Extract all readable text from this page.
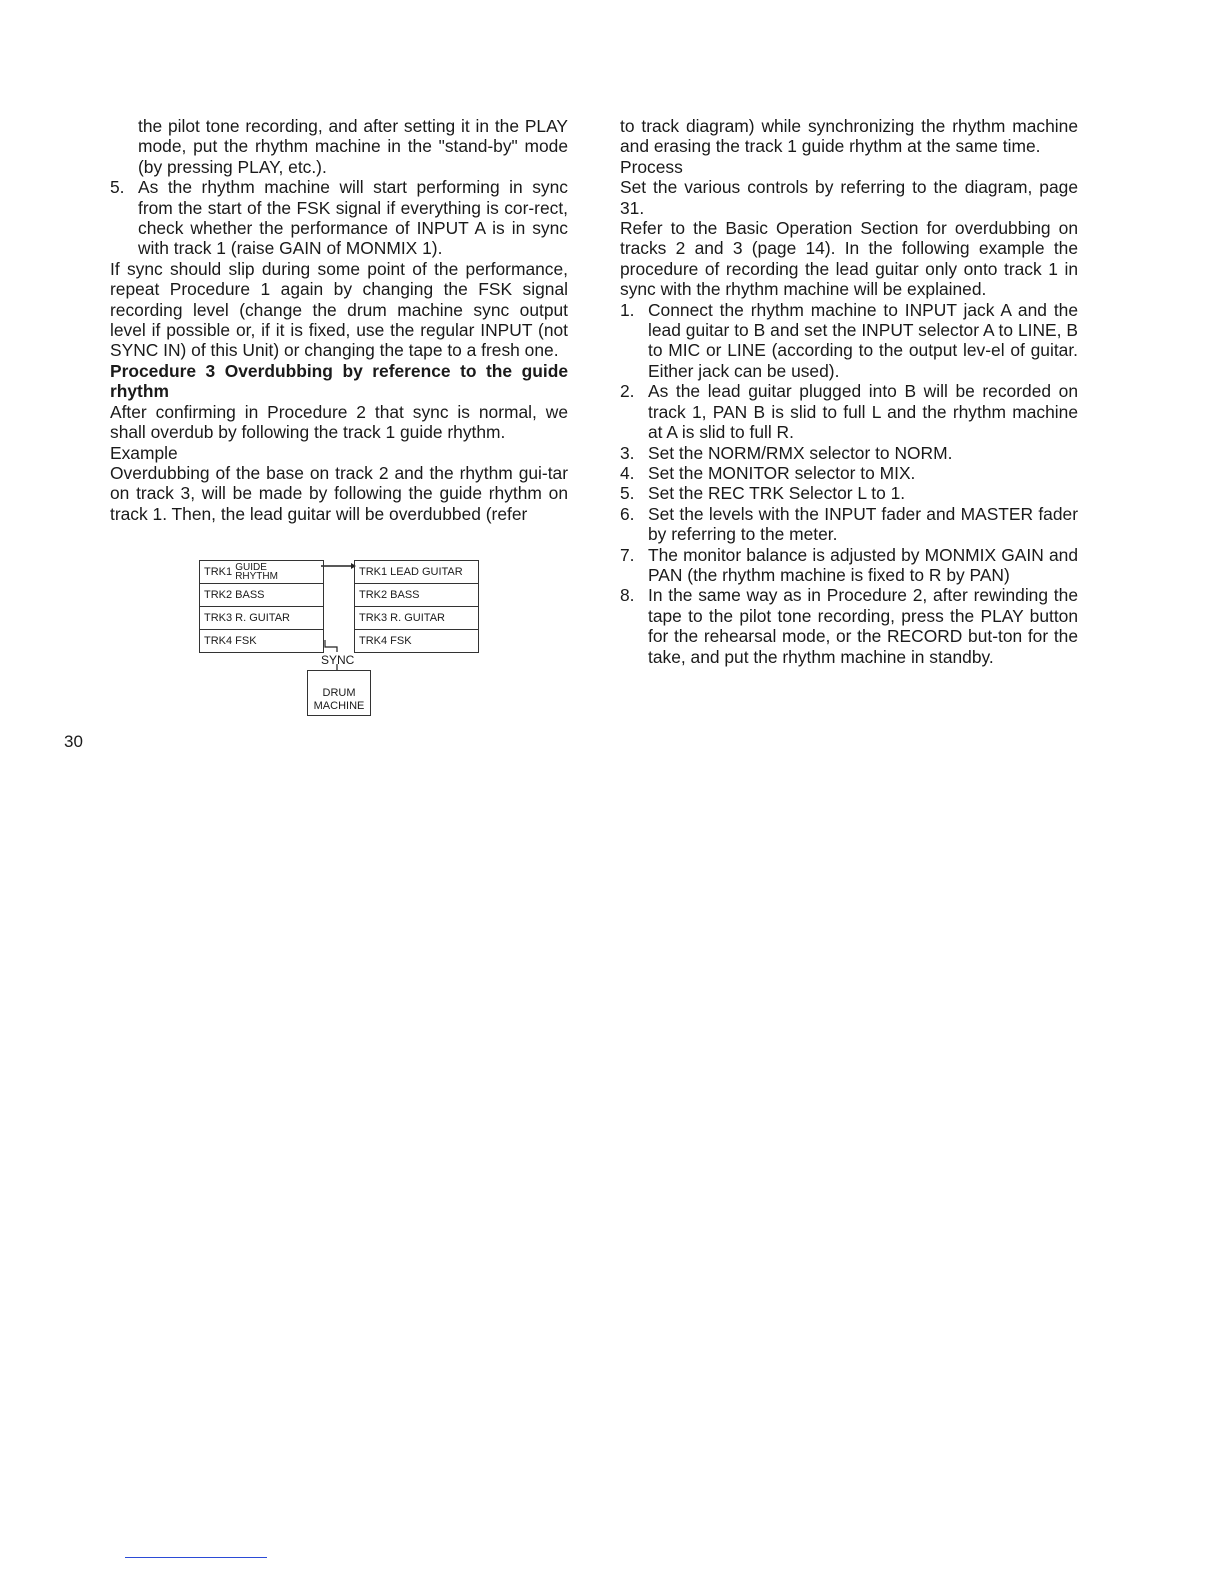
the pilot tone recording, and after setting it in the PLAY mode, put the rhythm machine in the "stand-by" mode (by pressing PLAY, etc.).

5. As the rhythm machine will start performing in sync from the start of the FSK signal if everything is cor-rect, check whether the performance of INPUT A is in sync with track 1 (raise GAIN of MONMIX 1).

If sync should slip during some point of the performance, repeat Procedure 1 again by changing the FSK signal recording level (change the drum machine sync output level if possible or, if it is fixed, use the regular INPUT (not SYNC IN) of this Unit) or changing the tape to a fresh one.

Procedure 3 Overdubbing by reference to the guide rhythm

After confirming in Procedure 2 that sync is normal, we shall overdub by following the track 1 guide rhythm.

Example

Overdubbing of the base on track 2 and the rhythm gui-tar on track 3, will be made by following the guide rhythm on track 1. Then, the lead guitar will be overdubbed (refer

TRK1 GUIDE
RHYTHM
TRK2 BASS
TRK3 R. GUITAR
TRK4 FSK
TRK1 LEAD GUITAR
TRK2 BASS
TRK3 R. GUITAR
TRK4 FSK
SYNC
DRUM
MACHINE

to track diagram) while synchronizing the rhythm machine and erasing the track 1 guide rhythm at the same time.

Process

Set the various controls by referring to the diagram, page 31.

Refer to the Basic Operation Section for overdubbing on tracks 2 and 3 (page 14). In the following example the procedure of recording the lead guitar only onto track 1 in sync with the rhythm machine will be explained.

1. Connect the rhythm machine to INPUT jack A and the lead guitar to B and set the INPUT selector A to LINE, B to MIC or LINE (according to the output lev-el of guitar. Either jack can be used).
2. As the lead guitar plugged into B will be recorded on track 1, PAN B is slid to full L and the rhythm machine at A is slid to full R.
3. Set the NORM/RMX selector to NORM.
4. Set the MONITOR selector to MIX.
5. Set the REC TRK Selector L to 1.
6. Set the levels with the INPUT fader and MASTER fader by referring to the meter.
7. The monitor balance is adjusted by MONMIX GAIN and PAN (the rhythm machine is fixed to R by PAN)
8. In the same way as in Procedure 2, after rewinding the tape to the pilot tone recording, press the PLAY button for the rehearsal mode, or the RECORD but-ton for the take, and put the rhythm machine in standby.
30
